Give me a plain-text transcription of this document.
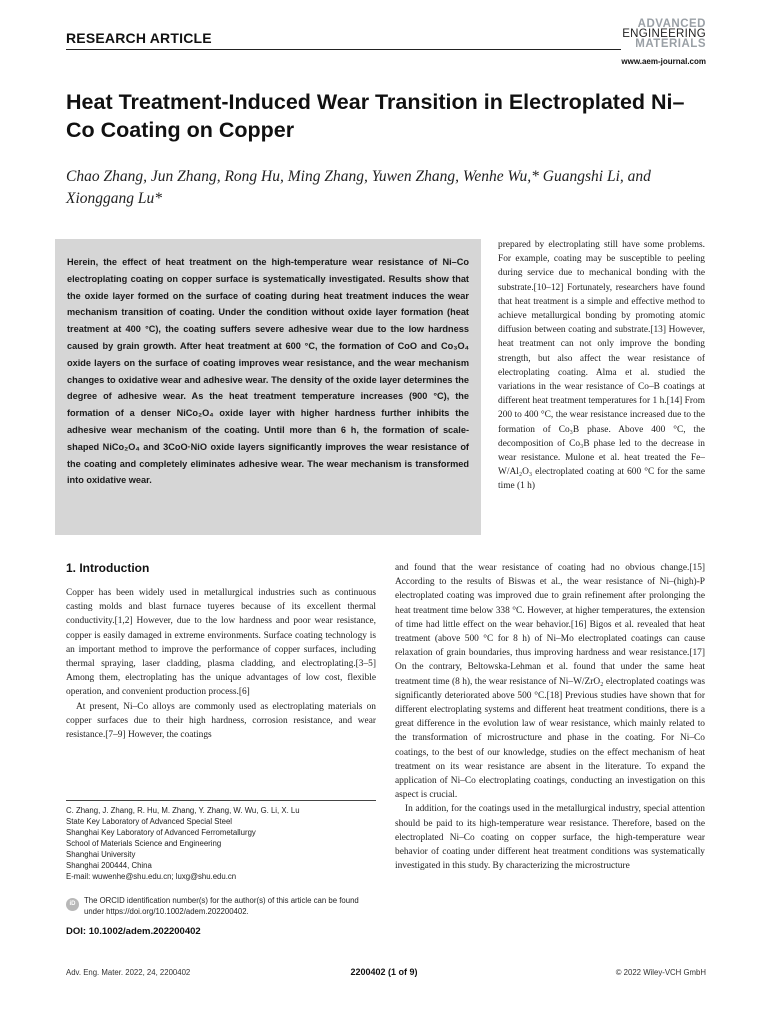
RESEARCH ARTICLE
ADVANCED
ENGINEERING
MATERIALS
www.aem-journal.com
Heat Treatment-Induced Wear Transition in Electroplated Ni–Co Coating on Copper
Chao Zhang, Jun Zhang, Rong Hu, Ming Zhang, Yuwen Zhang, Wenhe Wu,* Guangshi Li, and Xionggang Lu*

Herein, the effect of heat treatment on the high-temperature wear resistance of Ni–Co electroplating coating on copper surface is systematically investigated. Results show that the oxide layer formed on the surface of coating during heat treatment induces the wear mechanism transition of coating. Under the condition without oxide layer formation (heat treatment at 400 °C), the coating suffers severe adhesive wear due to the low hardness caused by grain growth. After heat treatment at 600 °C, the formation of CoO and Co₃O₄ oxide layers on the surface of coating improves wear resistance, and the wear mechanism changes to oxidative wear and adhesive wear. The density of the oxide layer determines the degree of adhesive wear. As the heat treatment temperature increases (900 °C), the formation of a denser NiCo₂O₄ oxide layer with higher hardness further inhibits the adhesive wear mechanism of the coating. Until more than 6 h, the formation of scale-shaped NiCo₂O₄ and 3CoO·NiO oxide layers significantly improves the wear resistance of the coating and completely eliminates adhesive wear. The wear mechanism is transformed into oxidative wear.

prepared by electroplating still have some problems. For example, coating may be susceptible to peeling during service due to mechanical bonding with the substrate.[10–12] Fortunately, researchers have found that heat treatment is a simple and effective method to achieve metallurgical bonding by promoting atomic diffusion between coating and substrate.[13] However, heat treatment can not only improve the bonding strength, but also affect the wear resistance of electroplating coating. Alma et al. studied the variations in the wear resistance of Co–B coatings at different heat treatment temperatures for 1 h.[14] From 200 to 400 °C, the wear resistance increased due to the formation of Co₃B phase. Above 400 °C, the decomposition of Co₃B phase led to the decrease in wear resistance. Mulone et al. heat treated the Fe–W/Al₂O₃ electroplated coating at 600 °C for the same time (1 h)

1. Introduction

Copper has been widely used in metallurgical industries such as continuous casting molds and blast furnace tuyeres because of its excellent thermal conductivity.[1,2] However, due to the low hardness and poor wear resistance, copper is easily damaged in extreme environments. Surface coating technology is an important method to improve the performance of copper surfaces, including thermal spraying, laser cladding, plasma cladding, and electroplating.[3–5] Among them, electroplating has the unique advantages of low cost, flexible operation, and convenient production process.[6]

At present, Ni–Co alloys are commonly used as electroplating materials on copper surfaces due to their high hardness, corrosion resistance, and wear resistance.[7–9] However, the coatings

and found that the wear resistance of coating had no obvious change.[15] According to the results of Biswas et al., the wear resistance of Ni–(high)-P electroplated coating was improved due to grain refinement after prolonging the heat treatment time below 338 °C. However, at higher temperatures, the extension of time had little effect on the wear behavior.[16] Bigos et al. revealed that heat treatment (above 500 °C for 8 h) of Ni–Mo electroplated coatings can cause relaxation of grain boundaries, thus improving hardness and wear resistance.[17] On the contrary, Beltowska-Lehman et al. found that under the same heat treatment time (8 h), the wear resistance of Ni–W/ZrO₂ electroplated coatings was significantly deteriorated above 500 °C.[18] Previous studies have shown that for different electroplating systems and different heat treatment conditions, there is a great difference in the evolution law of wear resistance, which mainly related to the transformation of microstructure and phase in the coating. For Ni–Co coatings, to the best of our knowledge, studies on the effect mechanism of heat treatment on its wear resistance are absent in the literature. To expand the application of Ni–Co electroplating coatings, conducting an investigation on this aspect is crucial.

In addition, for the coatings used in the metallurgical industry, special attention should be paid to its high-temperature wear resistance. Therefore, based on the electroplated Ni–Co coating on copper surface, the high-temperature wear behavior of coating under different heat treatment conditions was systematically investigated in this study. By characterizing the microstructure

C. Zhang, J. Zhang, R. Hu, M. Zhang, Y. Zhang, W. Wu, G. Li, X. Lu
State Key Laboratory of Advanced Special Steel
Shanghai Key Laboratory of Advanced Ferrometallurgy
School of Materials Science and Engineering
Shanghai University
Shanghai 200444, China
E-mail: wuwenhe@shu.edu.cn; luxg@shu.edu.cn
iD	The ORCID identification number(s) for the author(s) of this article can be found under https://doi.org/10.1002/adem.202200402.
DOI: 10.1002/adem.202200402
Adv. Eng. Mater. 2022, 24, 2200402	2200402 (1 of 9)	© 2022 Wiley-VCH GmbH
